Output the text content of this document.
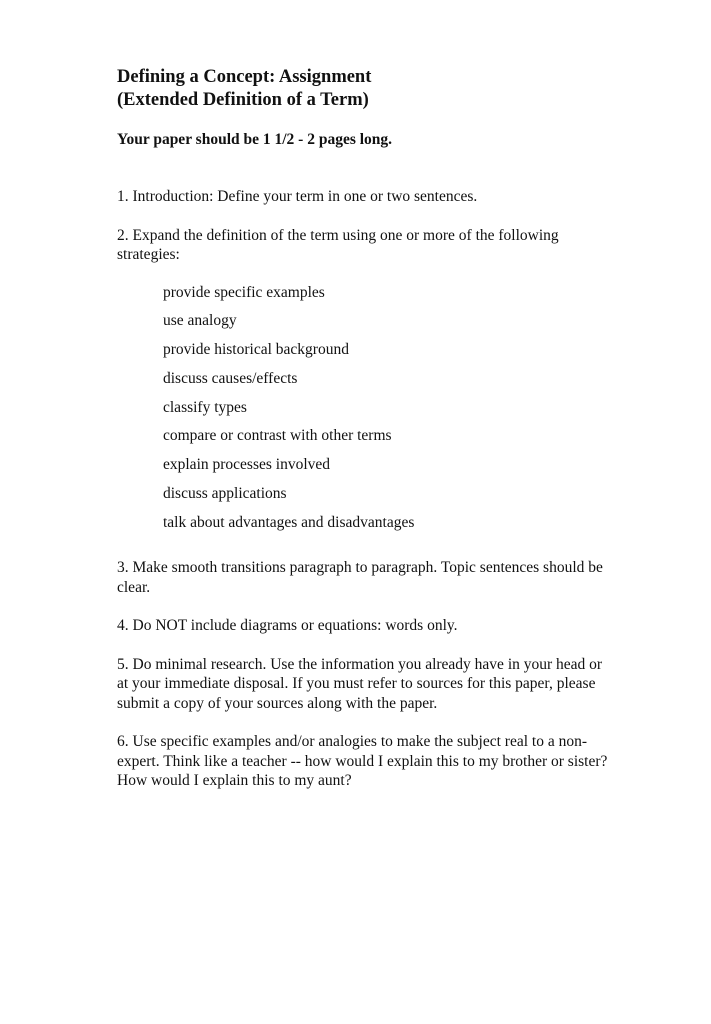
Defining a Concept: Assignment
(Extended Definition of a Term)

Your paper should be 1 1/2 - 2 pages long.

1. Introduction: Define your term in one or two sentences.

2. Expand the definition of the term using one or more of the following strategies:

provide specific examples
use analogy
provide historical background
discuss causes/effects
classify types
compare or contrast with other terms
explain processes involved
discuss applications
talk about advantages and disadvantages

3. Make smooth transitions paragraph to paragraph. Topic sentences should be clear.

4. Do NOT include diagrams or equations: words only.

5. Do minimal research. Use the information you already have in your head or at your immediate disposal. If you must refer to sources for this paper, please submit a copy of your sources along with the paper.

6. Use specific examples and/or analogies to make the subject real to a non-expert. Think like a teacher -- how would I explain this to my brother or sister? How would I explain this to my aunt?
